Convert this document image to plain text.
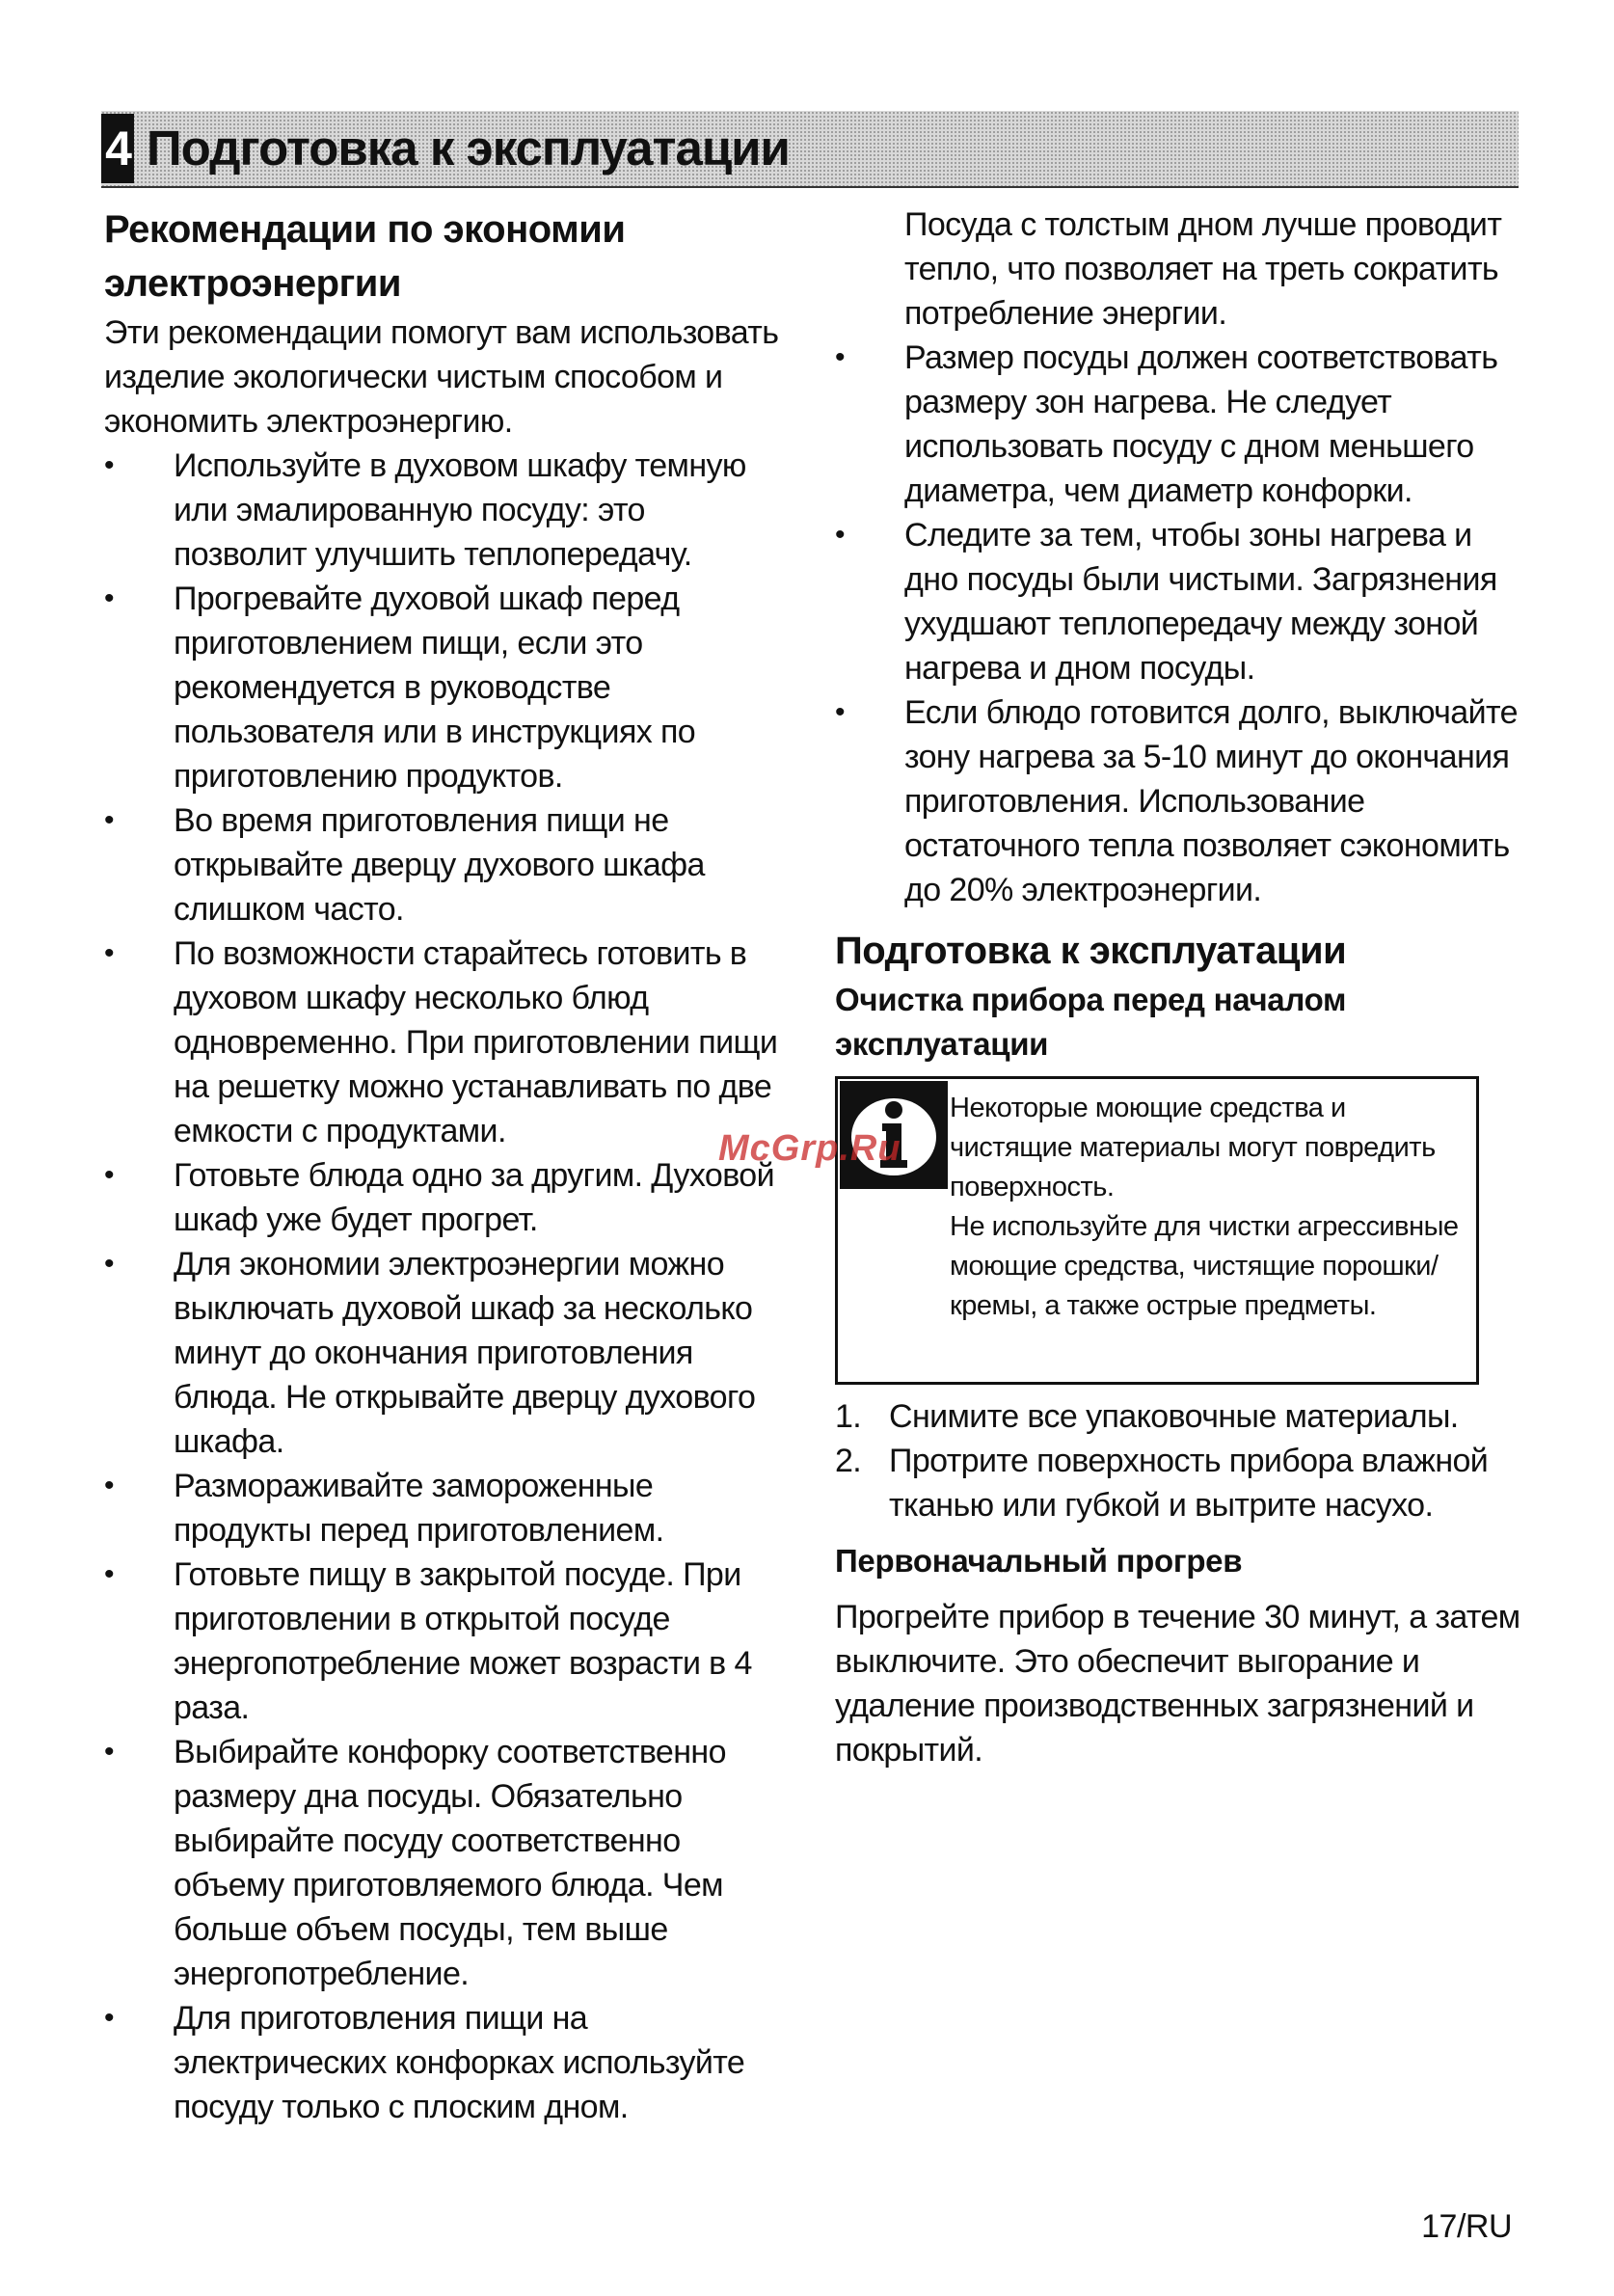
4 Подготовка к эксплуатации
Рекомендации по экономии электроэнергии

Эти рекомендации помогут вам использовать изделие экологически чистым способом и экономить электроэнергию.

• Используйте в духовом шкафу темную или эмалированную посуду: это позволит улучшить теплопередачу.
• Прогревайте духовой шкаф перед приготовлением пищи, если это рекомендуется в руководстве пользователя или в инструкциях по приготовлению продуктов.
• Во время приготовления пищи не открывайте дверцу духового шкафа слишком часто.
• По возможности старайтесь готовить в духовом шкафу несколько блюд одновременно. При приготовлении пищи на решетку можно устанавливать по две емкости с продуктами.
• Готовьте блюда одно за другим. Духовой шкаф уже будет прогрет.
• Для экономии электроэнергии можно выключать духовой шкаф за несколько минут до окончания приготовления блюда. Не открывайте дверцу духового шкафа.
• Размораживайте замороженные продукты перед приготовлением.
• Готовьте пищу в закрытой посуде. При приготовлении в открытой посуде энергопотребление может возрасти в 4 раза.
• Выбирайте конфорку соответственно размеру дна посуды. Обязательно выбирайте посуду соответственно объему приготовляемого блюда. Чем больше объем посуды, тем выше энергопотребление.
• Для приготовления пищи на электрических конфорках используйте посуду только с плоским дном.

Посуда с толстым дном лучше проводит тепло, что позволяет на треть сократить потребление энергии.

• Размер посуды должен соответствовать размеру зон нагрева. Не следует использовать посуду с дном меньшего диаметра, чем диаметр конфорки.
• Следите за тем, чтобы зоны нагрева и дно посуды были чистыми. Загрязнения ухудшают теплопередачу между зоной нагрева и дном посуды.
• Если блюдо готовится долго, выключайте зону нагрева за 5-10 минут до окончания приготовления. Использование остаточного тепла позволяет сэкономить до 20% электроэнергии.
Подготовка к эксплуатации
Очистка прибора перед началом эксплуатации

Некоторые моющие средства и чистящие материалы могут повредить поверхность.

Не используйте для чистки агрессивные моющие средства, чистящие порошки/кремы, а также острые предметы.

1. Снимите все упаковочные материалы.
2. Протрите поверхность прибора влажной тканью или губкой и вытрите насухо.
Первоначальный прогрев

Прогрейте прибор в течение 30 минут, а затем выключите. Это обеспечит выгорание и удаление производственных загрязнений и покрытий.

McGrp.Ru
17/RU
